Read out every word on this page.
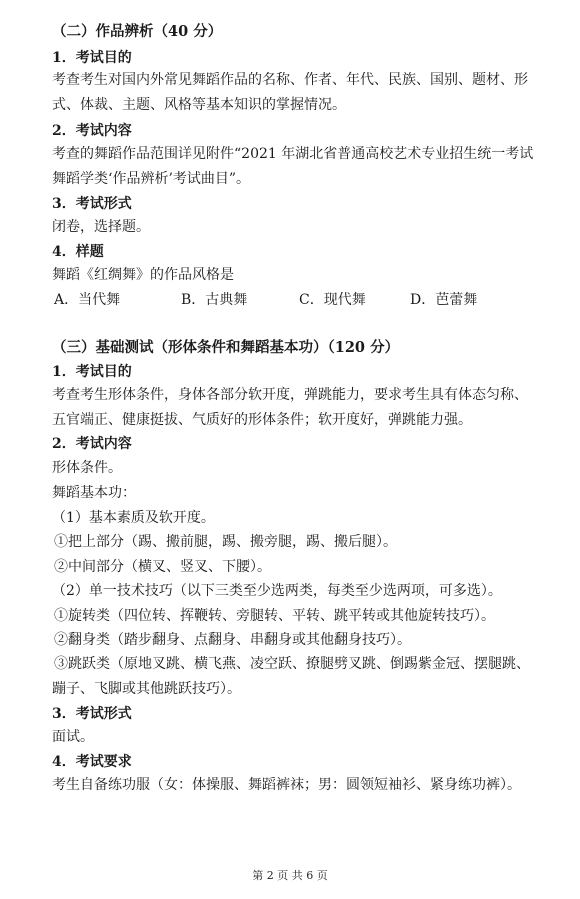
（二）作品辨析（40 分）
1．考试目的
考查考生对国内外常见舞蹈作品的名称、作者、年代、民族、国别、题材、形
式、体裁、主题、风格等基本知识的掌握情况。
2．考试内容
考查的舞蹈作品范围详见附件“2021 年湖北省普通高校艺术专业招生统一考试
舞蹈学类‘作品辨析’考试曲目”。
3．考试形式
闭卷，选择题。
4．样题
舞蹈《红绸舞》的作品风格是
A．当代舞	B．古典舞	C．现代舞	D．芭蕾舞
（三）基础测试（形体条件和舞蹈基本功）（120 分）
1．考试目的
考查考生形体条件，身体各部分软开度，弹跳能力，要求考生具有体态匀称、
五官端正、健康挺拔、气质好的形体条件；软开度好，弹跳能力强。
2．考试内容
形体条件。
舞蹈基本功：
（1）基本素质及软开度。
①把上部分（踢、搬前腿，踢、搬旁腿，踢、搬后腿）。
②中间部分（横叉、竖叉、下腰）。
（2）单一技术技巧（以下三类至少选两类，每类至少选两项，可多选）。
①旋转类（四位转、挥鞭转、旁腿转、平转、跳平转或其他旋转技巧）。
②翻身类（踏步翻身、点翻身、串翻身或其他翻身技巧）。
③跳跃类（原地叉跳、横飞燕、凌空跃、撩腿劈叉跳、倒踢紫金冠、摆腿跳、
蹦子、飞脚或其他跳跃技巧）。
3．考试形式
面试。
4．考试要求
考生自备练功服（女：体操服、舞蹈裤袜；男：圆领短袖衫、紧身练功裤）。
第 2 页 共 6 页
